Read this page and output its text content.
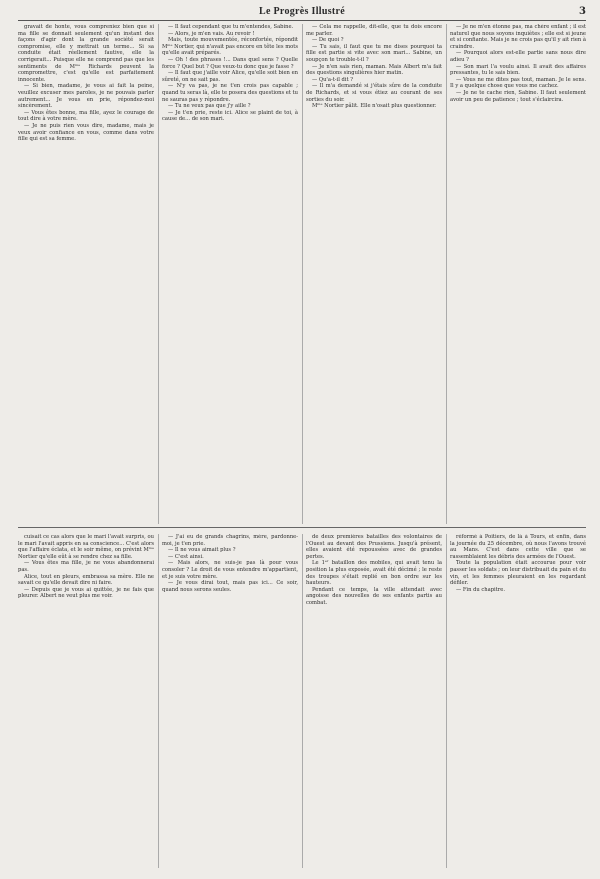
Le Progrès Illustré	3

gravait de honte, vous compreniez bien que si ma fille se donnait seulement qu'un instant des façons d'agir dont la grande société serait compromise, elle y mettrait un terme... Si sa conduite était réellement fautive, elle la corrigerait... Puisque elle ne comprend pas que les sentiments de Mᵐᵉ Richards peuvent la compromettre, c'est qu'elle est parfaitement innocente.

— Si bien, madame, je vous ai fait la peine, veuillez excuser mes paroles, je ne pouvais parler autrement... Je vous en prie, répondez-moi sincèrement.

— Vous êtes bonne, ma fille, ayez le courage de tout dire à votre mère.

— Je ne puis rien vous dire, madame, mais je veux avoir confiance en vous, comme dans votre fille qui est sa femme.

— Il faut cependant que tu m'entendes, Sabine.

— Alors, je m'en vais. Au revoir !

Mais, toute mouvementée, réconfortée, répondit Mᵐᵉ Nortier, qui n'avait pas encore en tête les mots qu'elle avait préparés.

— Oh ! des phrases !... Dans quel sens ? Quelle force ? Quel but ? Que veux-tu donc que je fasse ?

— Il faut que j'aille voir Alice, qu'elle soit bien en sûreté, on ne sait pas.

— N'y va pas, je ne t'en crois pas capable ; quand tu seras là, elle te posera des questions et tu ne sauras pas y répondre.

— Tu ne veux pas que j'y aille ?

— Je t'en prie, reste ici. Alice se plaint de toi, à cause de... de son mari.

— Cela me rappelle, dit-elle, que tu dois encore me parler.

— De quoi ?

— Tu sais, il faut que tu me dises pourquoi ta fille est partie si vite avec son mari... Sabine, un soupçon te trouble-t-il ?

— Je n'en sais rien, maman. Mais Albert m'a fait des questions singulières hier matin.

— Qu'a-t-il dit ?

— Il m'a demandé si j'étais sûre de la conduite de Richards, et si vous étiez au courant de ses sorties du soir.

Mᵐᵉ Nortier pâlit. Elle n'osait plus questionner.

— Je ne m'en étonne pas, ma chère enfant ; il est naturel que nous soyons inquiètes ; elle est si jeune et si confiante. Mais je ne crois pas qu'il y ait rien à craindre.

— Pourquoi alors est-elle partie sans nous dire adieu ?

— Son mari l'a voulu ainsi. Il avait des affaires pressantes, tu le sais bien.

— Vous ne me dites pas tout, maman. Je le sens. Il y a quelque chose que vous me cachez.

— Je ne te cache rien, Sabine. Il faut seulement avoir un peu de patience ; tout s'éclaircira.

cuisait ce cas alors que le mari l'avait surpris, ou le mari l'avait appris en sa conscience... C'est alors que l'affaire éclata, et le soir même, on prévint Mᵐᵉ Nortier qu'elle eût à se rendre chez sa fille.

— Vous êtes ma fille, je ne vous abandonnerai pas.

Alice, tout en pleurs, embrassa sa mère. Elle ne savait ce qu'elle devait dire ni faire.

— Depuis que je vous ai quittée, je ne fais que pleurer. Albert ne veut plus me voir.

— J'ai eu de grands chagrins, mère, pardonne-moi, je t'en prie.

— Il ne vous aimait plus ?

— C'est ainsi.

— Mais alors, ne suis-je pas là pour vous consoler ? Le droit de vous entendre m'appartient, et je suis votre mère.

— Je vous dirai tout, mais pas ici... Ce soir, quand nous serons seules.

de deux premières batailles des volontaires de l'Ouest au devant des Prussiens. Jusqu'à présent, elles avaient été repoussées avec de grandes pertes.

Le 1ᵉʳ bataillon des mobiles, qui avait tenu la position la plus exposée, avait été décimé ; le reste des troupes s'était replié en bon ordre sur les hauteurs.

Pendant ce temps, la ville attendait avec angoisse des nouvelles de ses enfants partis au combat.

réformé à Poitiers, de là à Tours, et enfin, dans la journée du 25 décembre, où nous l'avons trouvé au Mans. C'est dans cette ville que se rassemblaient les débris des armées de l'Ouest.

Toute la population était accourue pour voir passer les soldats ; on leur distribuait du pain et du vin, et les femmes pleuraient en les regardant défiler.

— Fin du chapitre.
